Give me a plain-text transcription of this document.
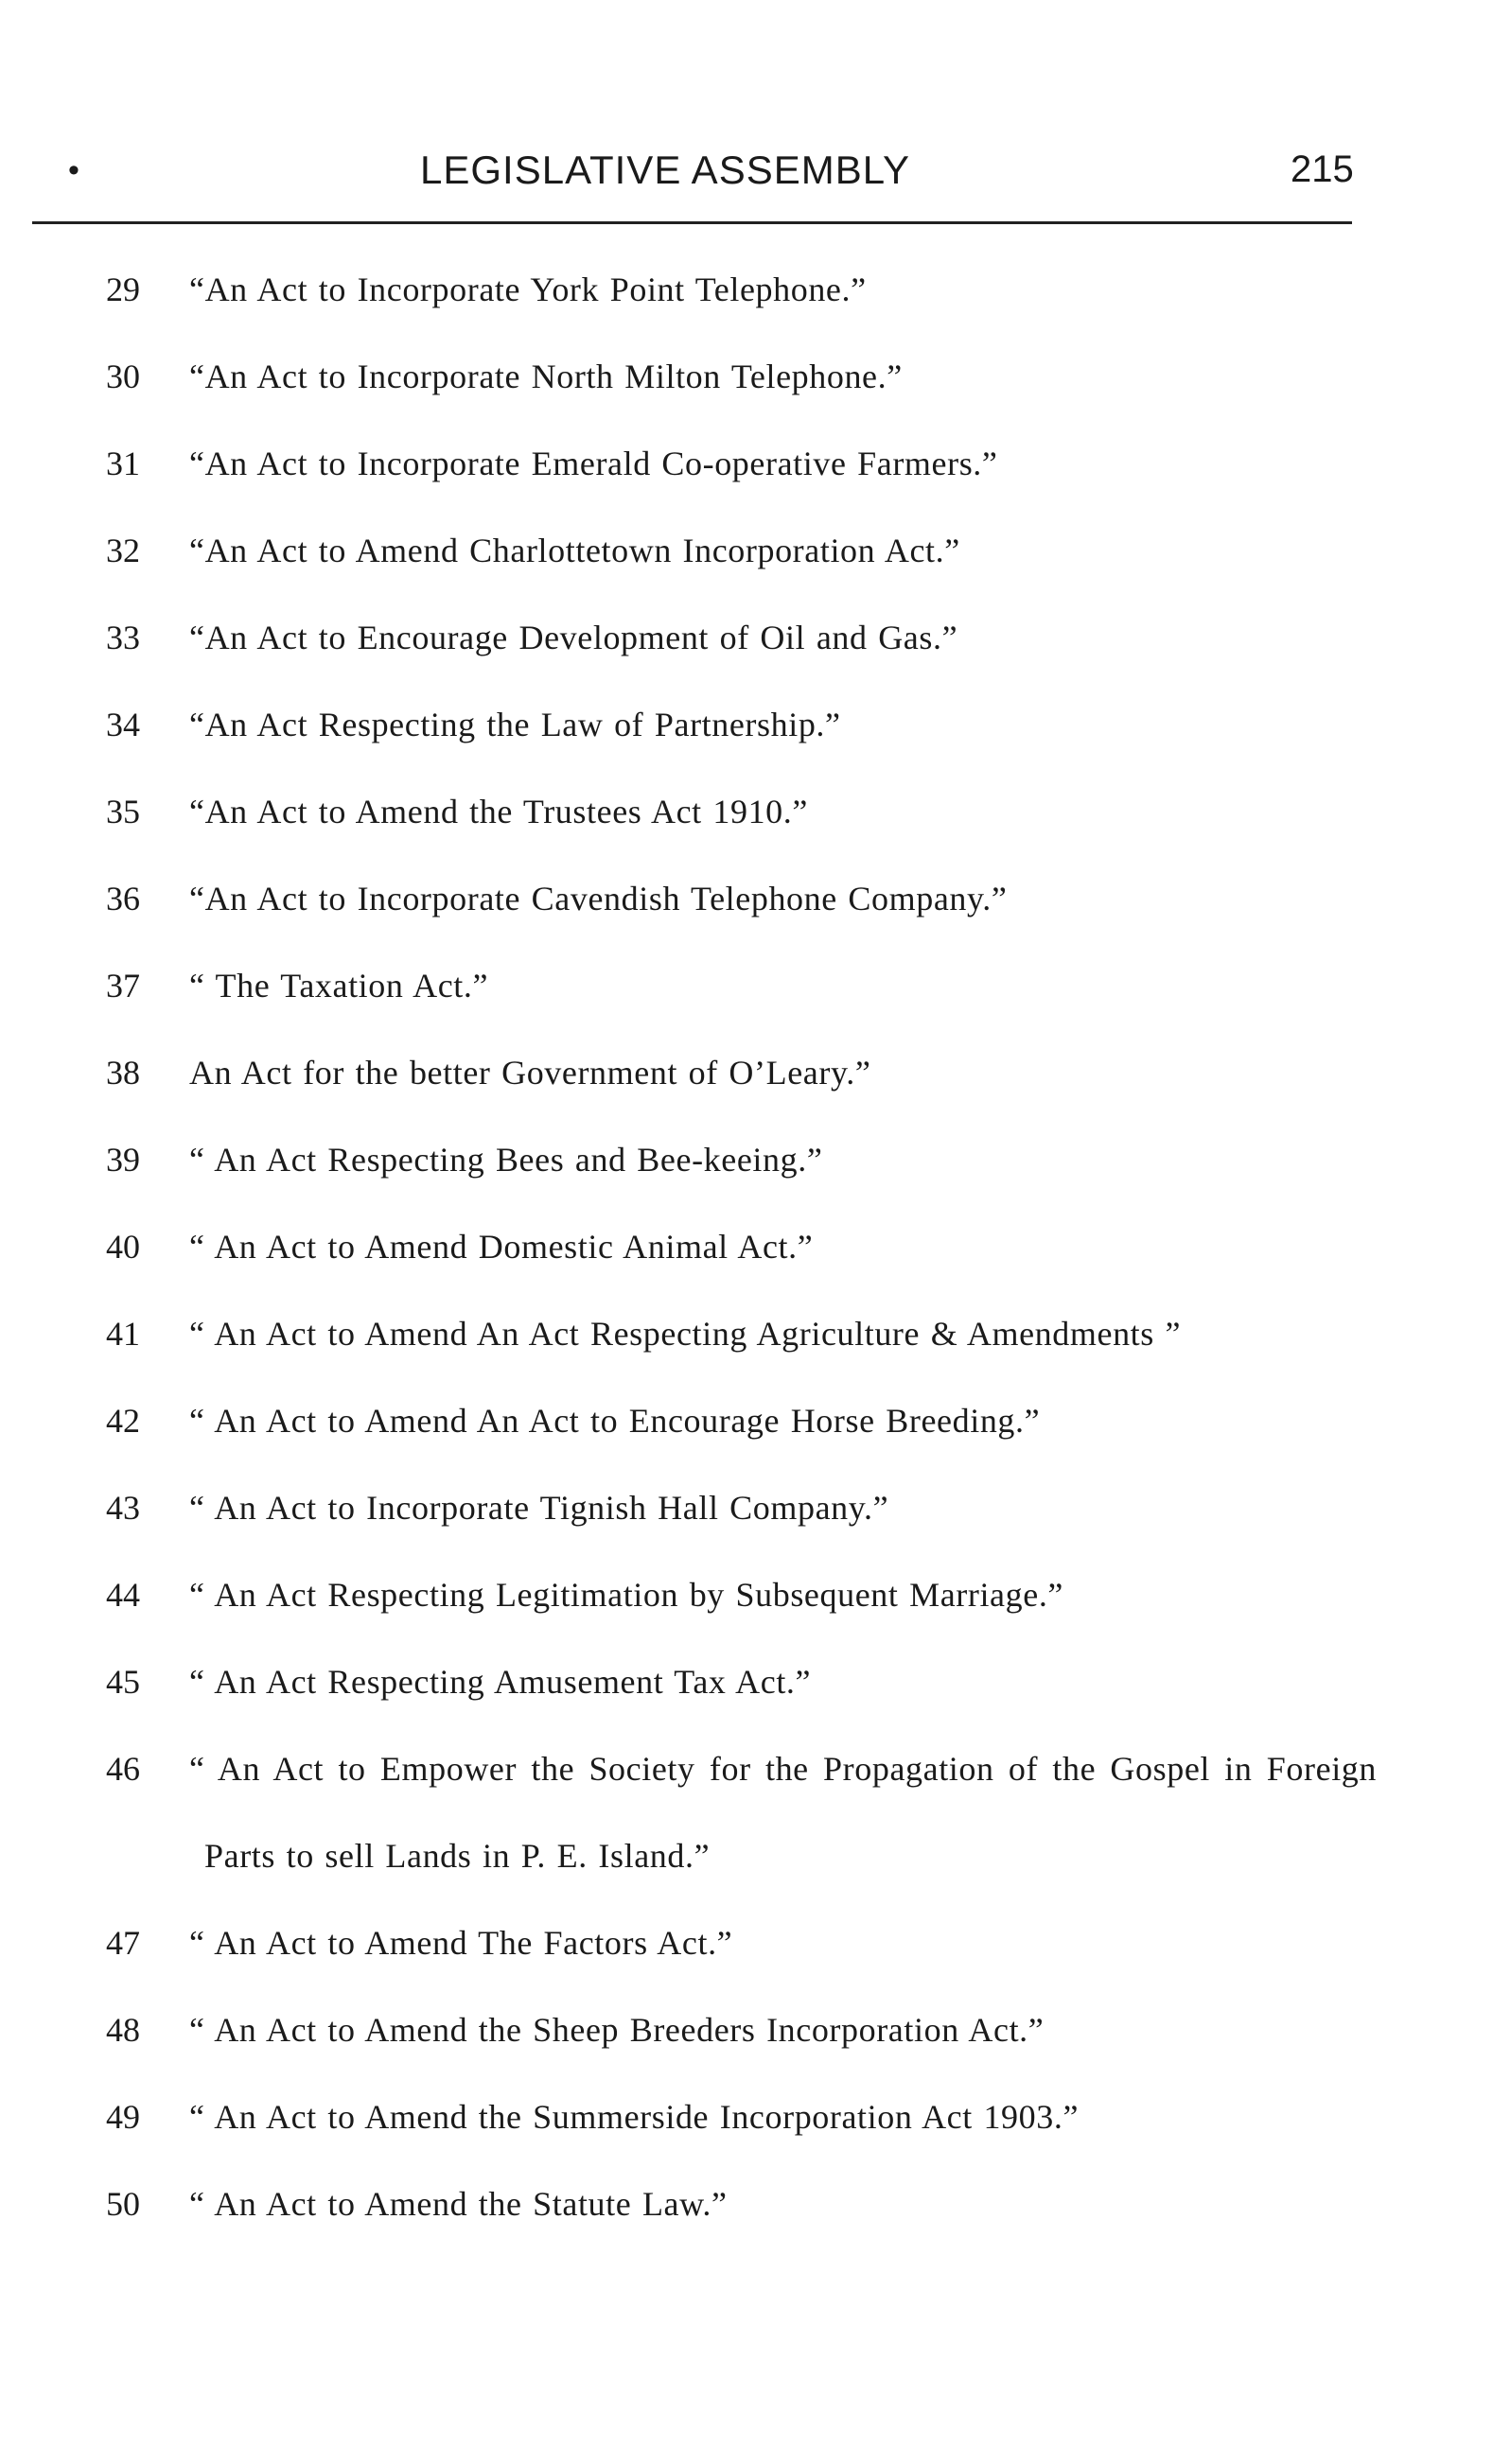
•	LEGISLATIVE ASSEMBLY	215
29	“An Act to Incorporate York Point Telephone.”
30	“An Act to Incorporate North Milton Telephone.”
31	“An Act to Incorporate Emerald Co-operative Farmers.”
32	“An Act to Amend Charlottetown Incorporation Act.”
33	“An Act to Encourage Development of Oil and Gas.”
34	“An Act Respecting the Law of Partnership.”
35	“An Act to Amend the Trustees Act 1910.”
36	“An Act to Incorporate Cavendish Telephone Company.”
37	“ The Taxation Act.”
38	An Act for the better Government of O’Leary.”
39	“ An Act Respecting Bees and Bee-keeing.”
40	“ An Act to Amend Domestic Animal Act.”
41	“ An Act to Amend An Act Respecting Agriculture & Amendments ”
42	“ An Act to Amend An Act to Encourage Horse Breeding.”
43	“ An Act to Incorporate Tignish Hall Company.”
44	“ An Act Respecting Legitimation by Subsequent Marriage.”
45	“ An Act Respecting Amusement Tax Act.”
46	“ An Act to Empower the Society for the Propagation of the Gospel in Foreign Parts to sell Lands in P. E. Island.”
47	“ An Act to Amend The Factors Act.”
48	“ An Act to Amend the Sheep Breeders Incorporation Act.”
49	“ An Act to Amend the Summerside Incorporation Act 1903.”
50	“ An Act to Amend the Statute Law.”
